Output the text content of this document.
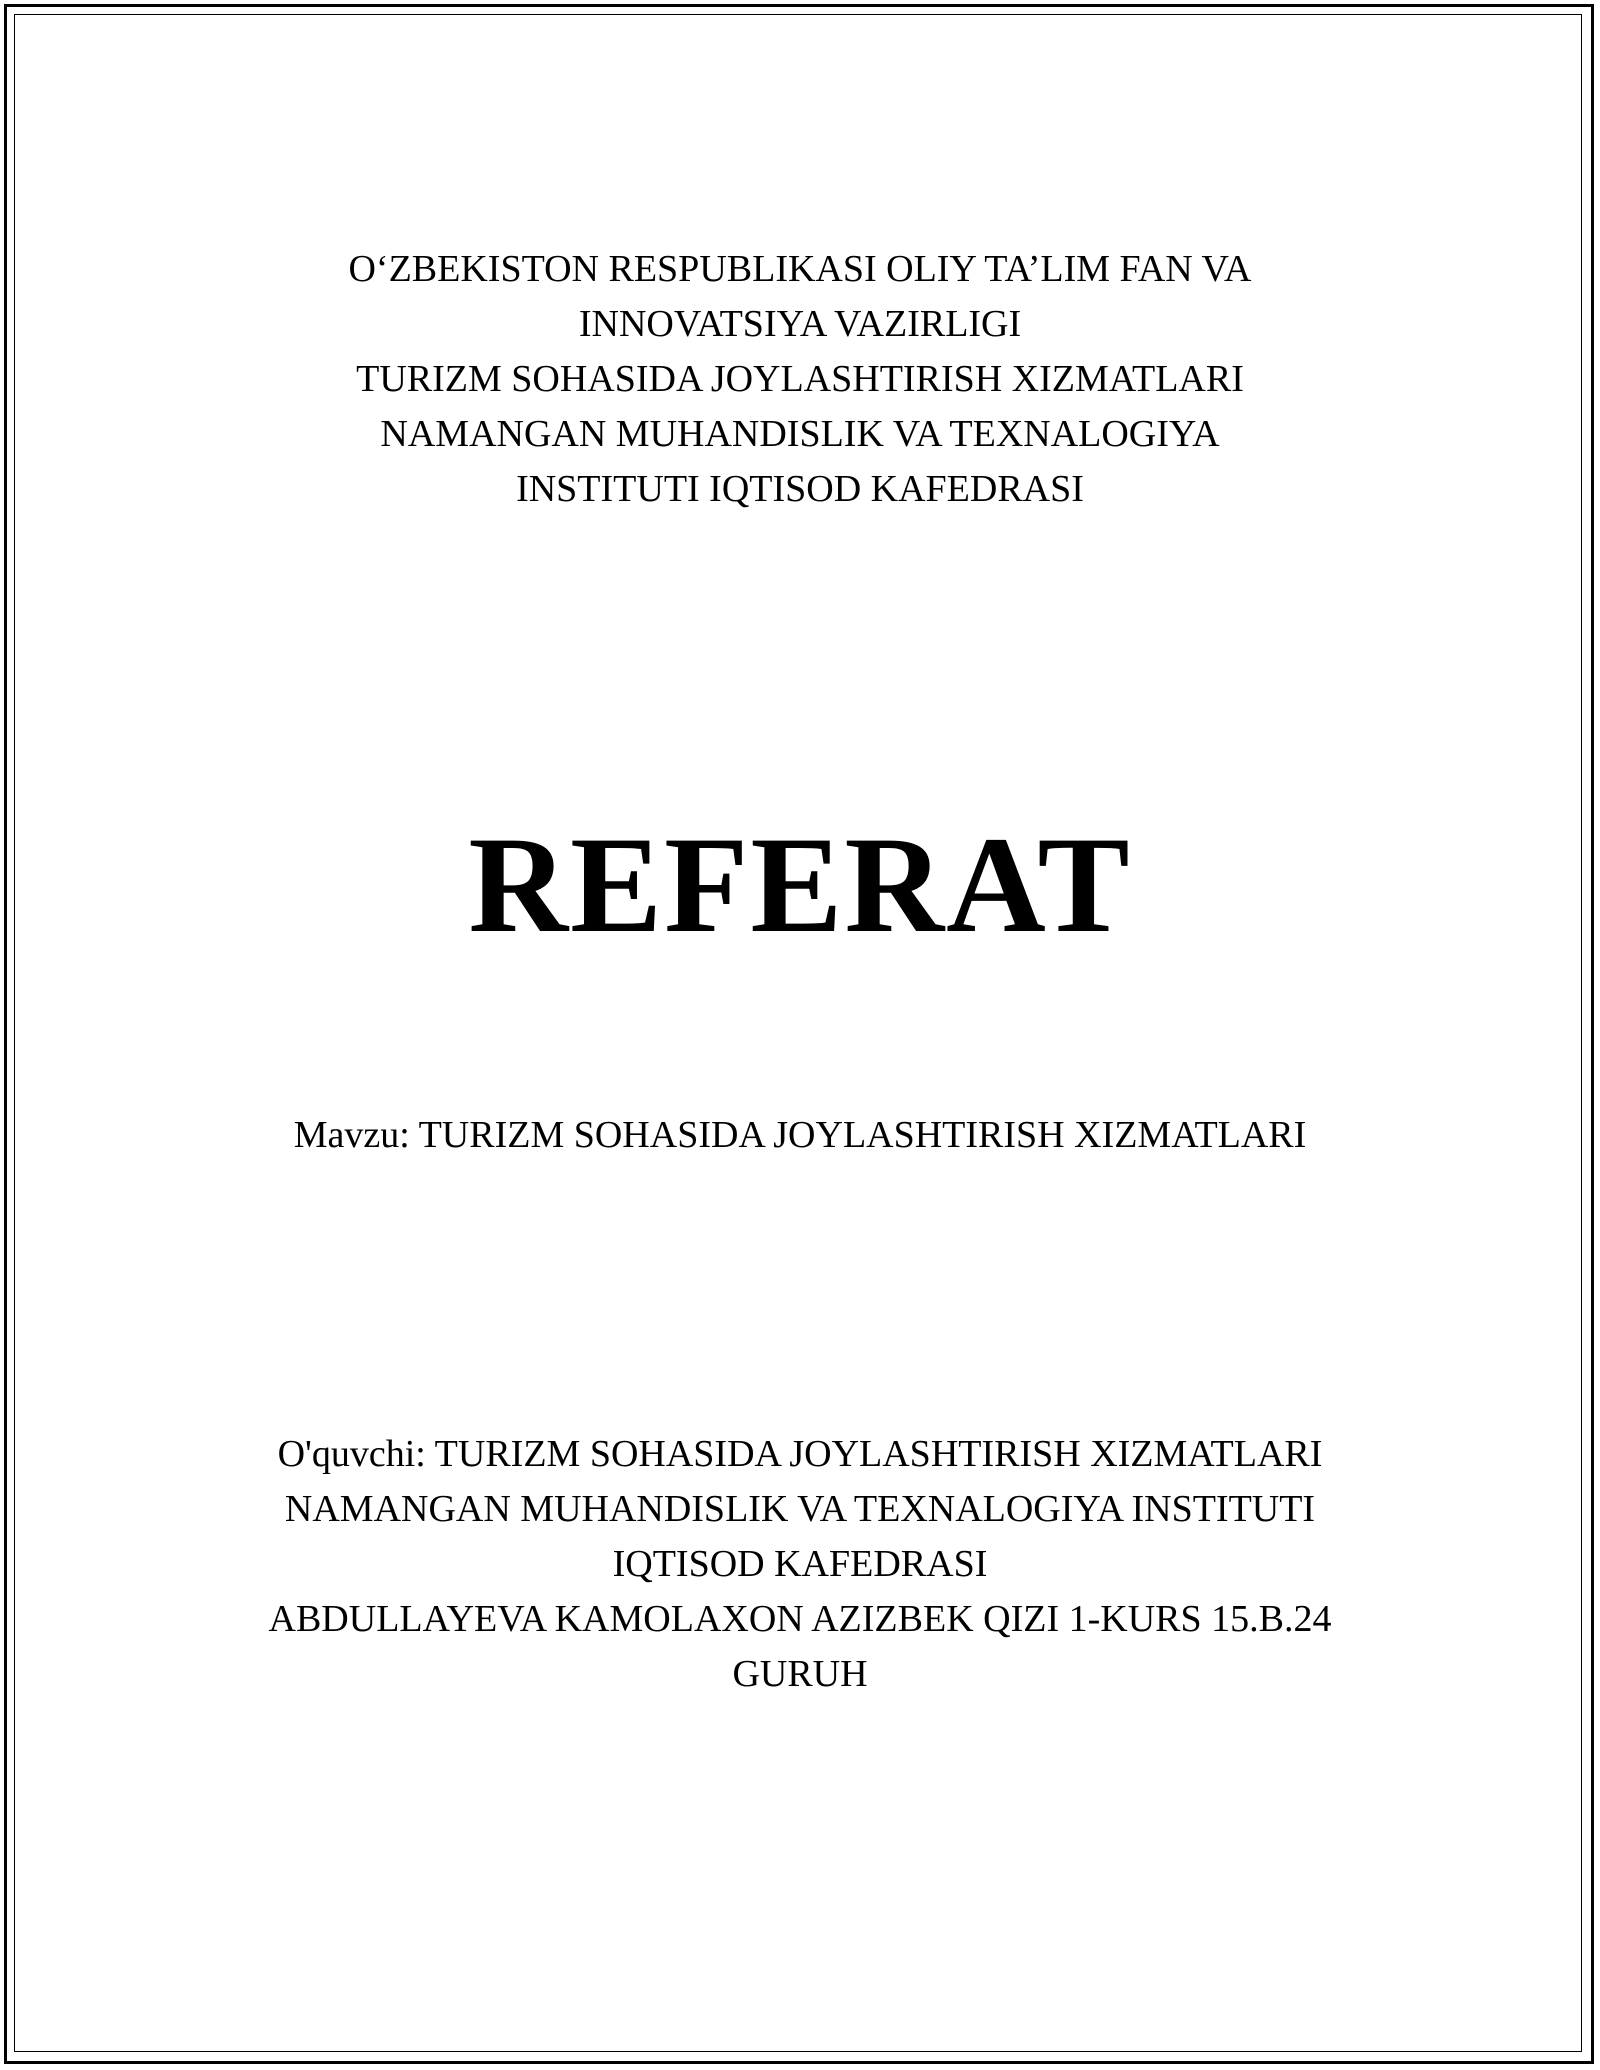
O‘ZBEKISTON RESPUBLIKASI OLIY TA’LIM FAN VA
INNOVATSIYA VAZIRLIGI
TURIZM SOHASIDA JOYLASHTIRISH XIZMATLARI
NAMANGAN MUHANDISLIK VA TEXNALOGIYA
INSTITUTI IQTISOD KAFEDRASI
REFERAT
Mavzu: TURIZM SOHASIDA JOYLASHTIRISH XIZMATLARI
O'quvchi: TURIZM SOHASIDA JOYLASHTIRISH XIZMATLARI
NAMANGAN MUHANDISLIK VA TEXNALOGIYA INSTITUTI
IQTISOD KAFEDRASI
ABDULLAYEVA KAMOLAXON AZIZBEK QIZI 1-KURS 15.B.24
GURUH
